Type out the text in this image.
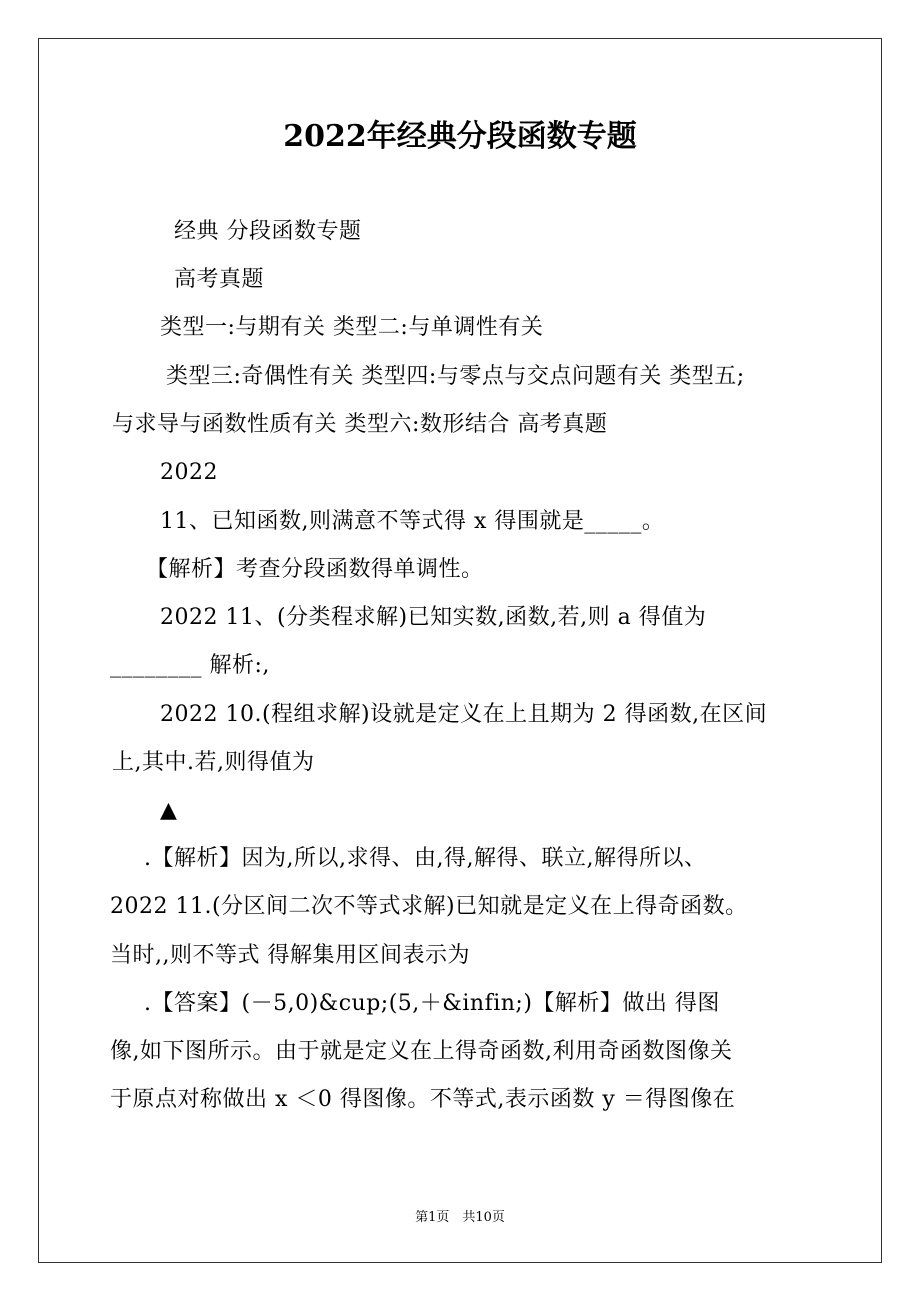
2022年经典分段函数专题
经典 分段函数专题
高考真题
类型一:与期有关 类型二:与单调性有关
类型三:奇偶性有关 类型四:与零点与交点问题有关 类型五;
与求导与函数性质有关 类型六:数形结合 高考真题
2022
11、已知函数,则满意不等式得 x 得围就是_____。
【解析】考查分段函数得单调性。
2022 11、(分类程求解)已知实数,函数,若,则 a 得值为
________ 解析:,
2022 10.(程组求解)设就是定义在上且期为 2 得函数,在区间
上,其中.若,则得值为
▲
.【解析】因为,所以,求得、由,得,解得、联立,解得所以、
2022 11.(分区间二次不等式求解)已知就是定义在上得奇函数。
当时,,则不等式 得解集用区间表示为
.【答案】(－5,0)&cup;(5,＋&infin;)【解析】做出 得图
像,如下图所示。由于就是定义在上得奇函数,利用奇函数图像关
于原点对称做出 x ＜0 得图像。不等式,表示函数 y ＝得图像在
第1页　共10页
